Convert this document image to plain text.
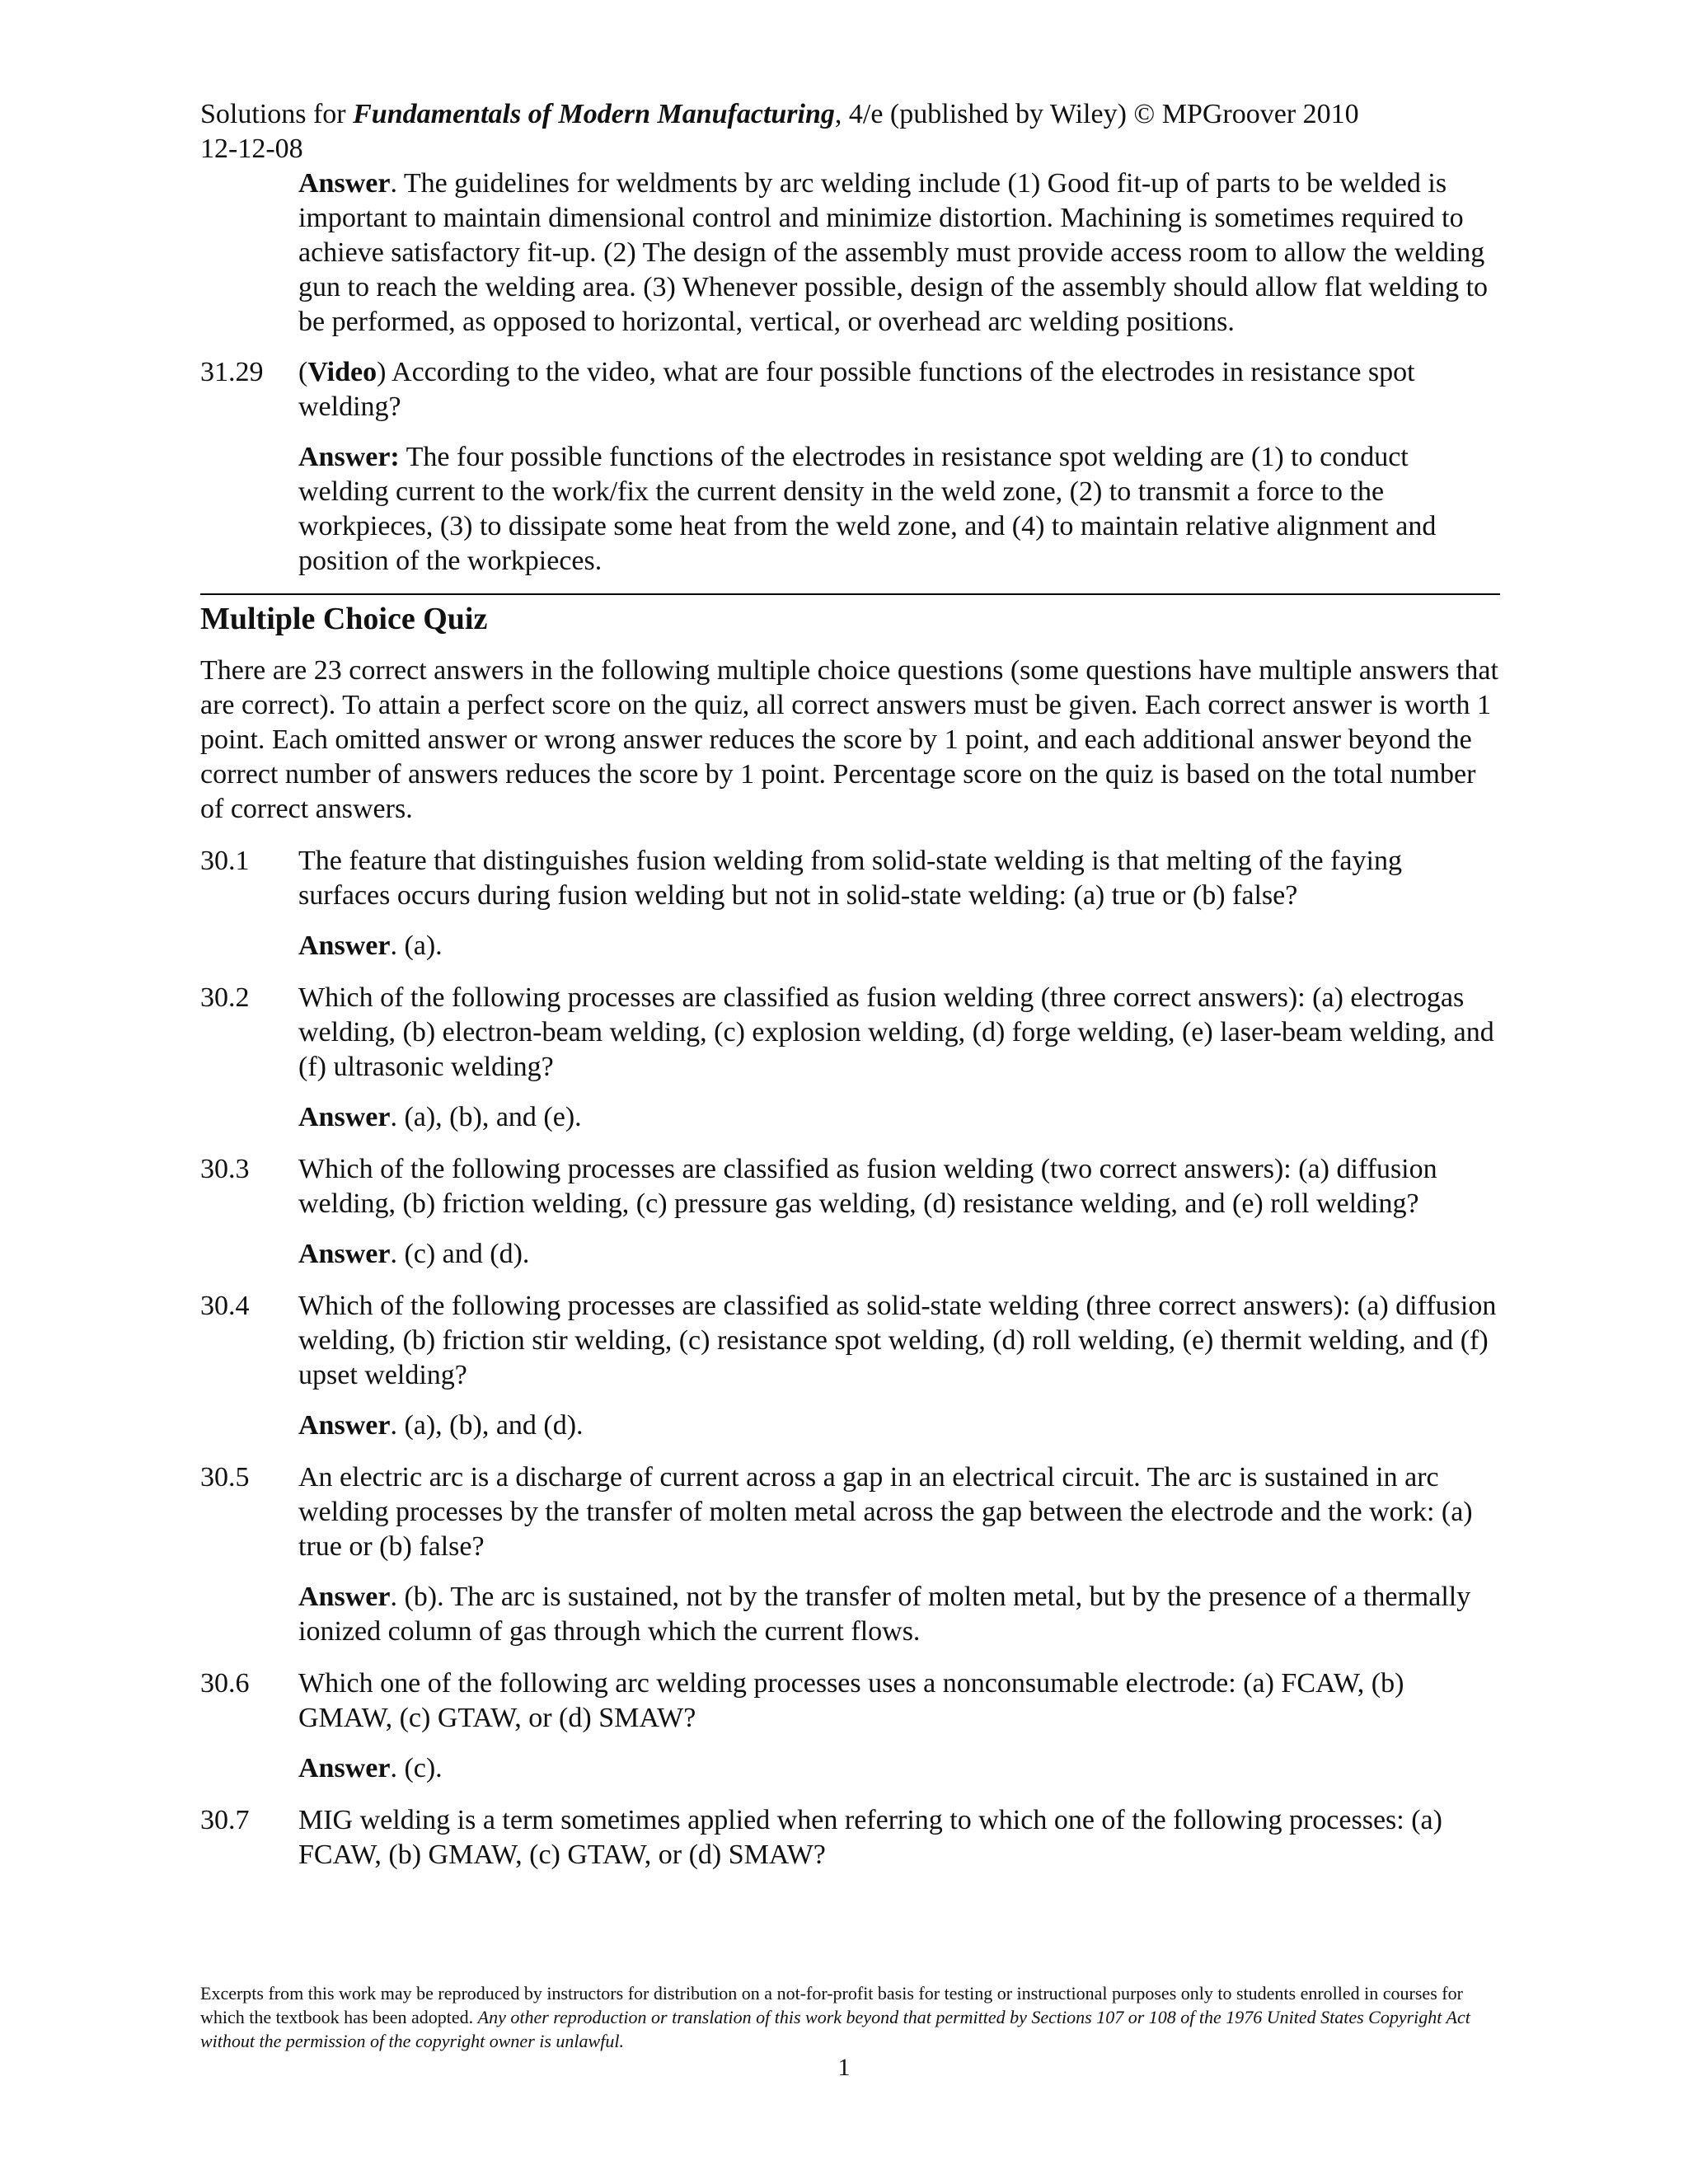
Solutions for Fundamentals of Modern Manufacturing, 4/e (published by Wiley) © MPGroover 2010
12-12-08

Answer. The guidelines for weldments by arc welding include (1) Good fit-up of parts to be welded is important to maintain dimensional control and minimize distortion. Machining is sometimes required to achieve satisfactory fit-up. (2) The design of the assembly must provide access room to allow the welding gun to reach the welding area. (3) Whenever possible, design of the assembly should allow flat welding to be performed, as opposed to horizontal, vertical, or overhead arc welding positions.

31.29	(Video) According to the video, what are four possible functions of the electrodes in resistance spot welding?

Answer: The four possible functions of the electrodes in resistance spot welding are (1) to conduct welding current to the work/fix the current density in the weld zone, (2) to transmit a force to the workpieces, (3) to dissipate some heat from the weld zone, and (4) to maintain relative alignment and position of the workpieces.

Multiple Choice Quiz

There are 23 correct answers in the following multiple choice questions (some questions have multiple answers that are correct). To attain a perfect score on the quiz, all correct answers must be given. Each correct answer is worth 1 point. Each omitted answer or wrong answer reduces the score by 1 point, and each additional answer beyond the correct number of answers reduces the score by 1 point. Percentage score on the quiz is based on the total number of correct answers.

30.1	The feature that distinguishes fusion welding from solid-state welding is that melting of the faying surfaces occurs during fusion welding but not in solid-state welding: (a) true or (b) false?

Answer. (a).

30.2	Which of the following processes are classified as fusion welding (three correct answers): (a) electrogas welding, (b) electron-beam welding, (c) explosion welding, (d) forge welding, (e) laser-beam welding, and (f) ultrasonic welding?

Answer. (a), (b), and (e).

30.3	Which of the following processes are classified as fusion welding (two correct answers): (a) diffusion welding, (b) friction welding, (c) pressure gas welding, (d) resistance welding, and (e) roll welding?

Answer. (c) and (d).

30.4	Which of the following processes are classified as solid-state welding (three correct answers): (a) diffusion welding, (b) friction stir welding, (c) resistance spot welding, (d) roll welding, (e) thermit welding, and (f) upset welding?

Answer. (a), (b), and (d).

30.5	An electric arc is a discharge of current across a gap in an electrical circuit. The arc is sustained in arc welding processes by the transfer of molten metal across the gap between the electrode and the work: (a) true or (b) false?

Answer. (b). The arc is sustained, not by the transfer of molten metal, but by the presence of a thermally ionized column of gas through which the current flows.

30.6	Which one of the following arc welding processes uses a nonconsumable electrode: (a) FCAW, (b) GMAW, (c) GTAW, or (d) SMAW?

Answer. (c).

30.7	MIG welding is a term sometimes applied when referring to which one of the following processes: (a) FCAW, (b) GMAW, (c) GTAW, or (d) SMAW?
Excerpts from this work may be reproduced by instructors for distribution on a not-for-profit basis for testing or instructional purposes only to students enrolled in courses for which the textbook has been adopted. Any other reproduction or translation of this work beyond that permitted by Sections 107 or 108 of the 1976 United States Copyright Act without the permission of the copyright owner is unlawful.
1
